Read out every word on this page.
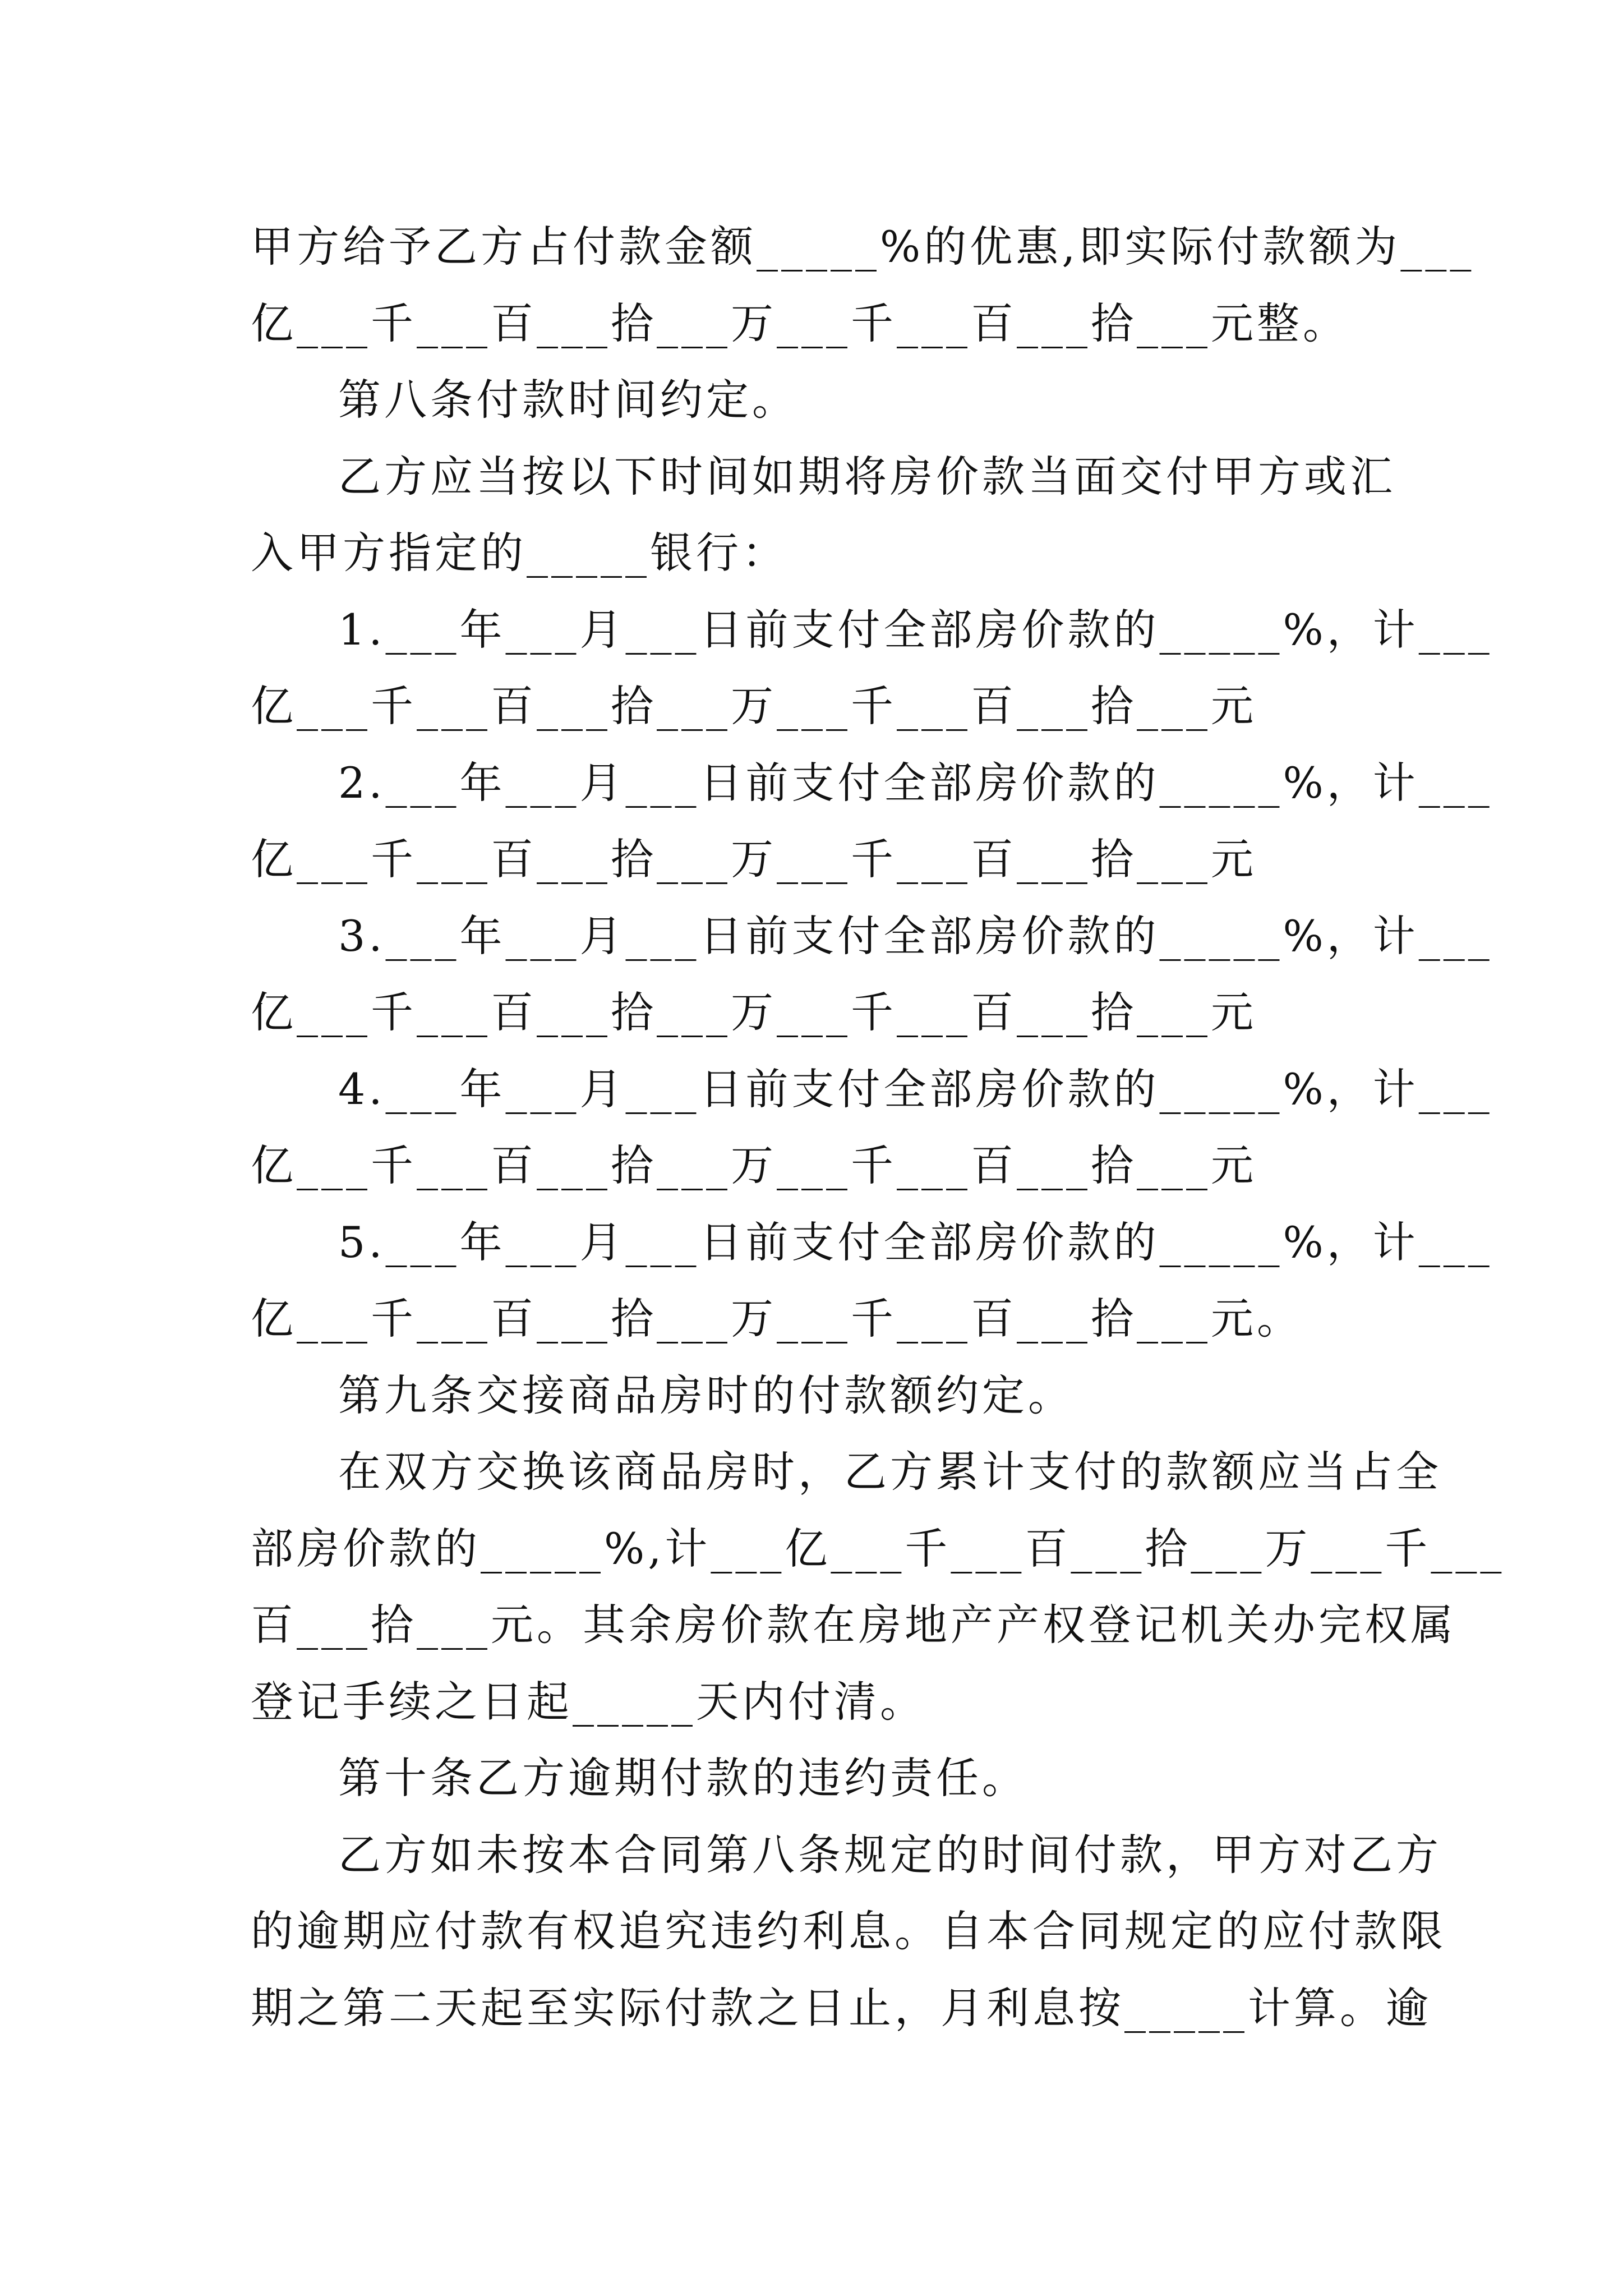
甲方给予乙方占付款金额_____%的优惠,即实际付款额为___
亿___千___百___拾___万___千___百___拾___元整。
第八条付款时间约定。
乙方应当按以下时间如期将房价款当面交付甲方或汇
入甲方指定的_____银行：
1.___年___月___日前支付全部房价款的_____%，计___
亿___千___百___拾___万___千___百___拾___元
2.___年___月___日前支付全部房价款的_____%，计___
亿___千___百___拾___万___千___百___拾___元
3.___年___月___日前支付全部房价款的_____%，计___
亿___千___百___拾___万___千___百___拾___元
4.___年___月___日前支付全部房价款的_____%，计___
亿___千___百___拾___万___千___百___拾___元
5.___年___月___日前支付全部房价款的_____%，计___
亿___千___百___拾___万___千___百___拾___元。
第九条交接商品房时的付款额约定。
在双方交换该商品房时，乙方累计支付的款额应当占全
部房价款的_____%,计___亿___千___百___拾___万___千___
百___拾___元。其余房价款在房地产产权登记机关办完权属
登记手续之日起_____天内付清。
第十条乙方逾期付款的违约责任。
乙方如未按本合同第八条规定的时间付款，甲方对乙方
的逾期应付款有权追究违约利息。自本合同规定的应付款限
期之第二天起至实际付款之日止，月利息按_____计算。逾
